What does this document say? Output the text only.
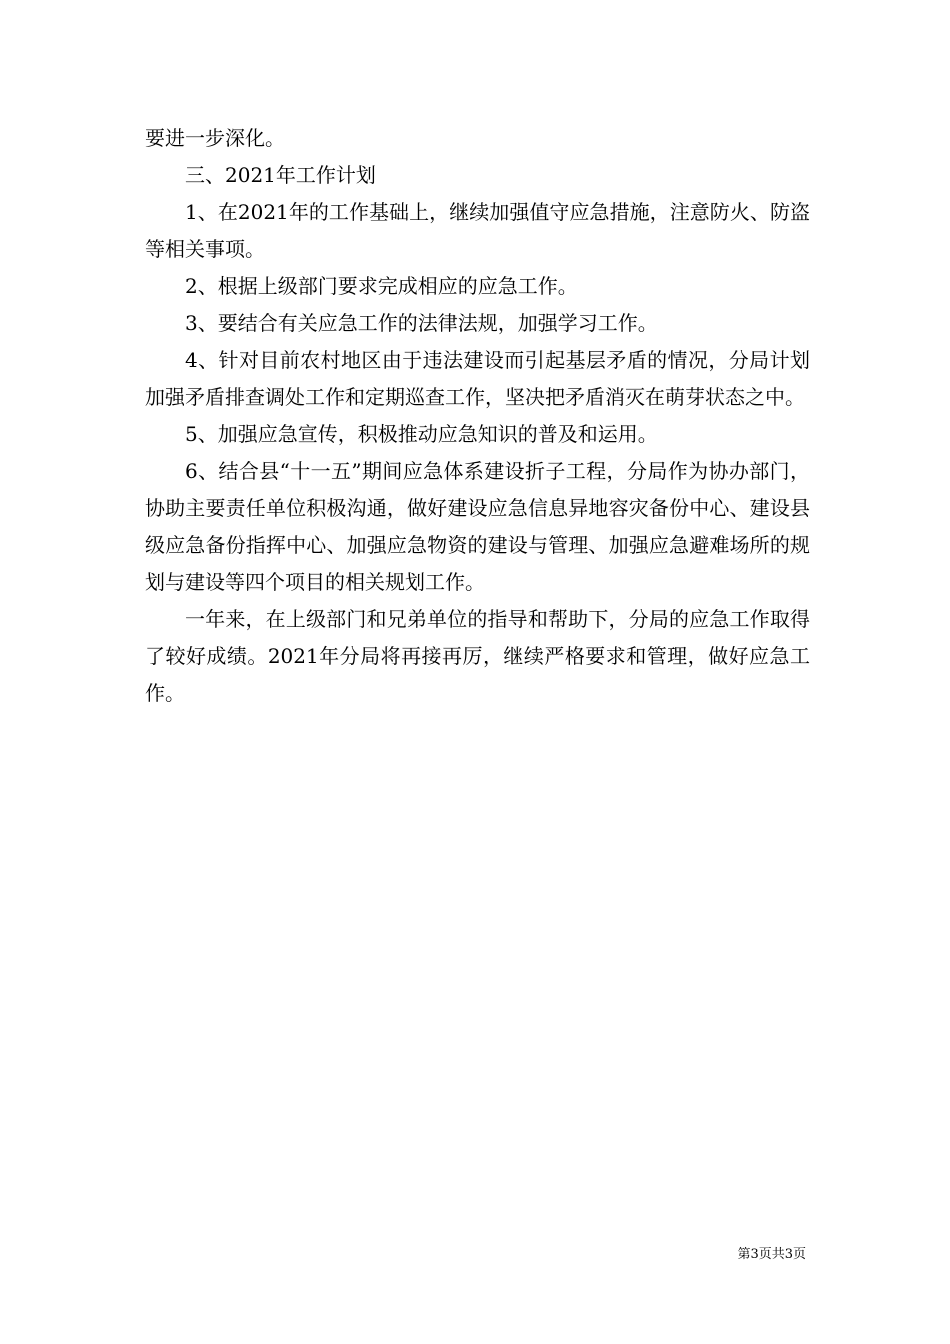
要进一步深化。

三、2021年工作计划

1、在2021年的工作基础上，继续加强值守应急措施，注意防火、防盗等相关事项。

2、根据上级部门要求完成相应的应急工作。

3、要结合有关应急工作的法律法规，加强学习工作。

4、针对目前农村地区由于违法建设而引起基层矛盾的情况，分局计划加强矛盾排查调处工作和定期巡查工作，坚决把矛盾消灭在萌芽状态之中。

5、加强应急宣传，积极推动应急知识的普及和运用。

6、结合县“十一五”期间应急体系建设折子工程，分局作为协办部门，协助主要责任单位积极沟通，做好建设应急信息异地容灾备份中心、建设县级应急备份指挥中心、加强应急物资的建设与管理、加强应急避难场所的规划与建设等四个项目的相关规划工作。

一年来，在上级部门和兄弟单位的指导和帮助下，分局的应急工作取得了较好成绩。2021年分局将再接再厉，继续严格要求和管理，做好应急工作。

第3页共3页
